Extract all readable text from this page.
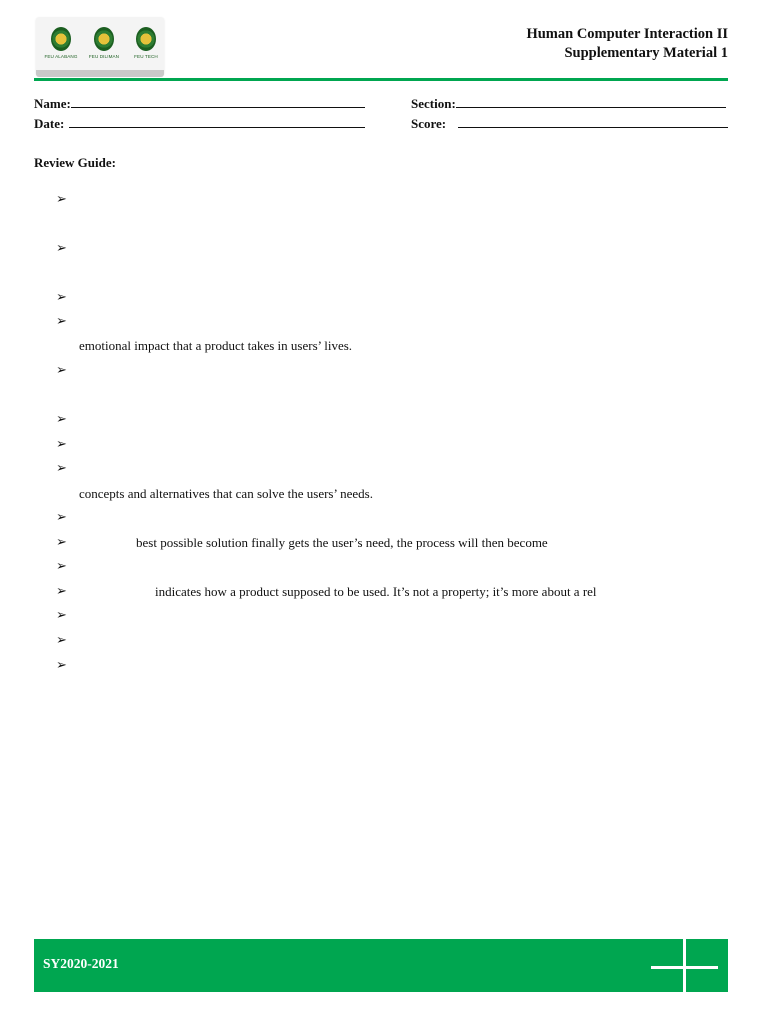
FEU ALABANG FEU DILIMAN	FEU TECH
Human Computer Interaction II
Supplementary Material 1
Name:
Date:
Section:
Score:
Review Guide:
➢
➢
➢
➢
emotional impact that a product takes in users’ lives.
➢
➢
➢
➢
concepts and alternatives that can solve the users’ needs.
➢
➢	best possible solution finally gets the user’s need, the process will then become
➢
➢	indicates how a product supposed to be used. It’s not a property; it’s more about a rel
➢
➢
➢
SY2020-2021
